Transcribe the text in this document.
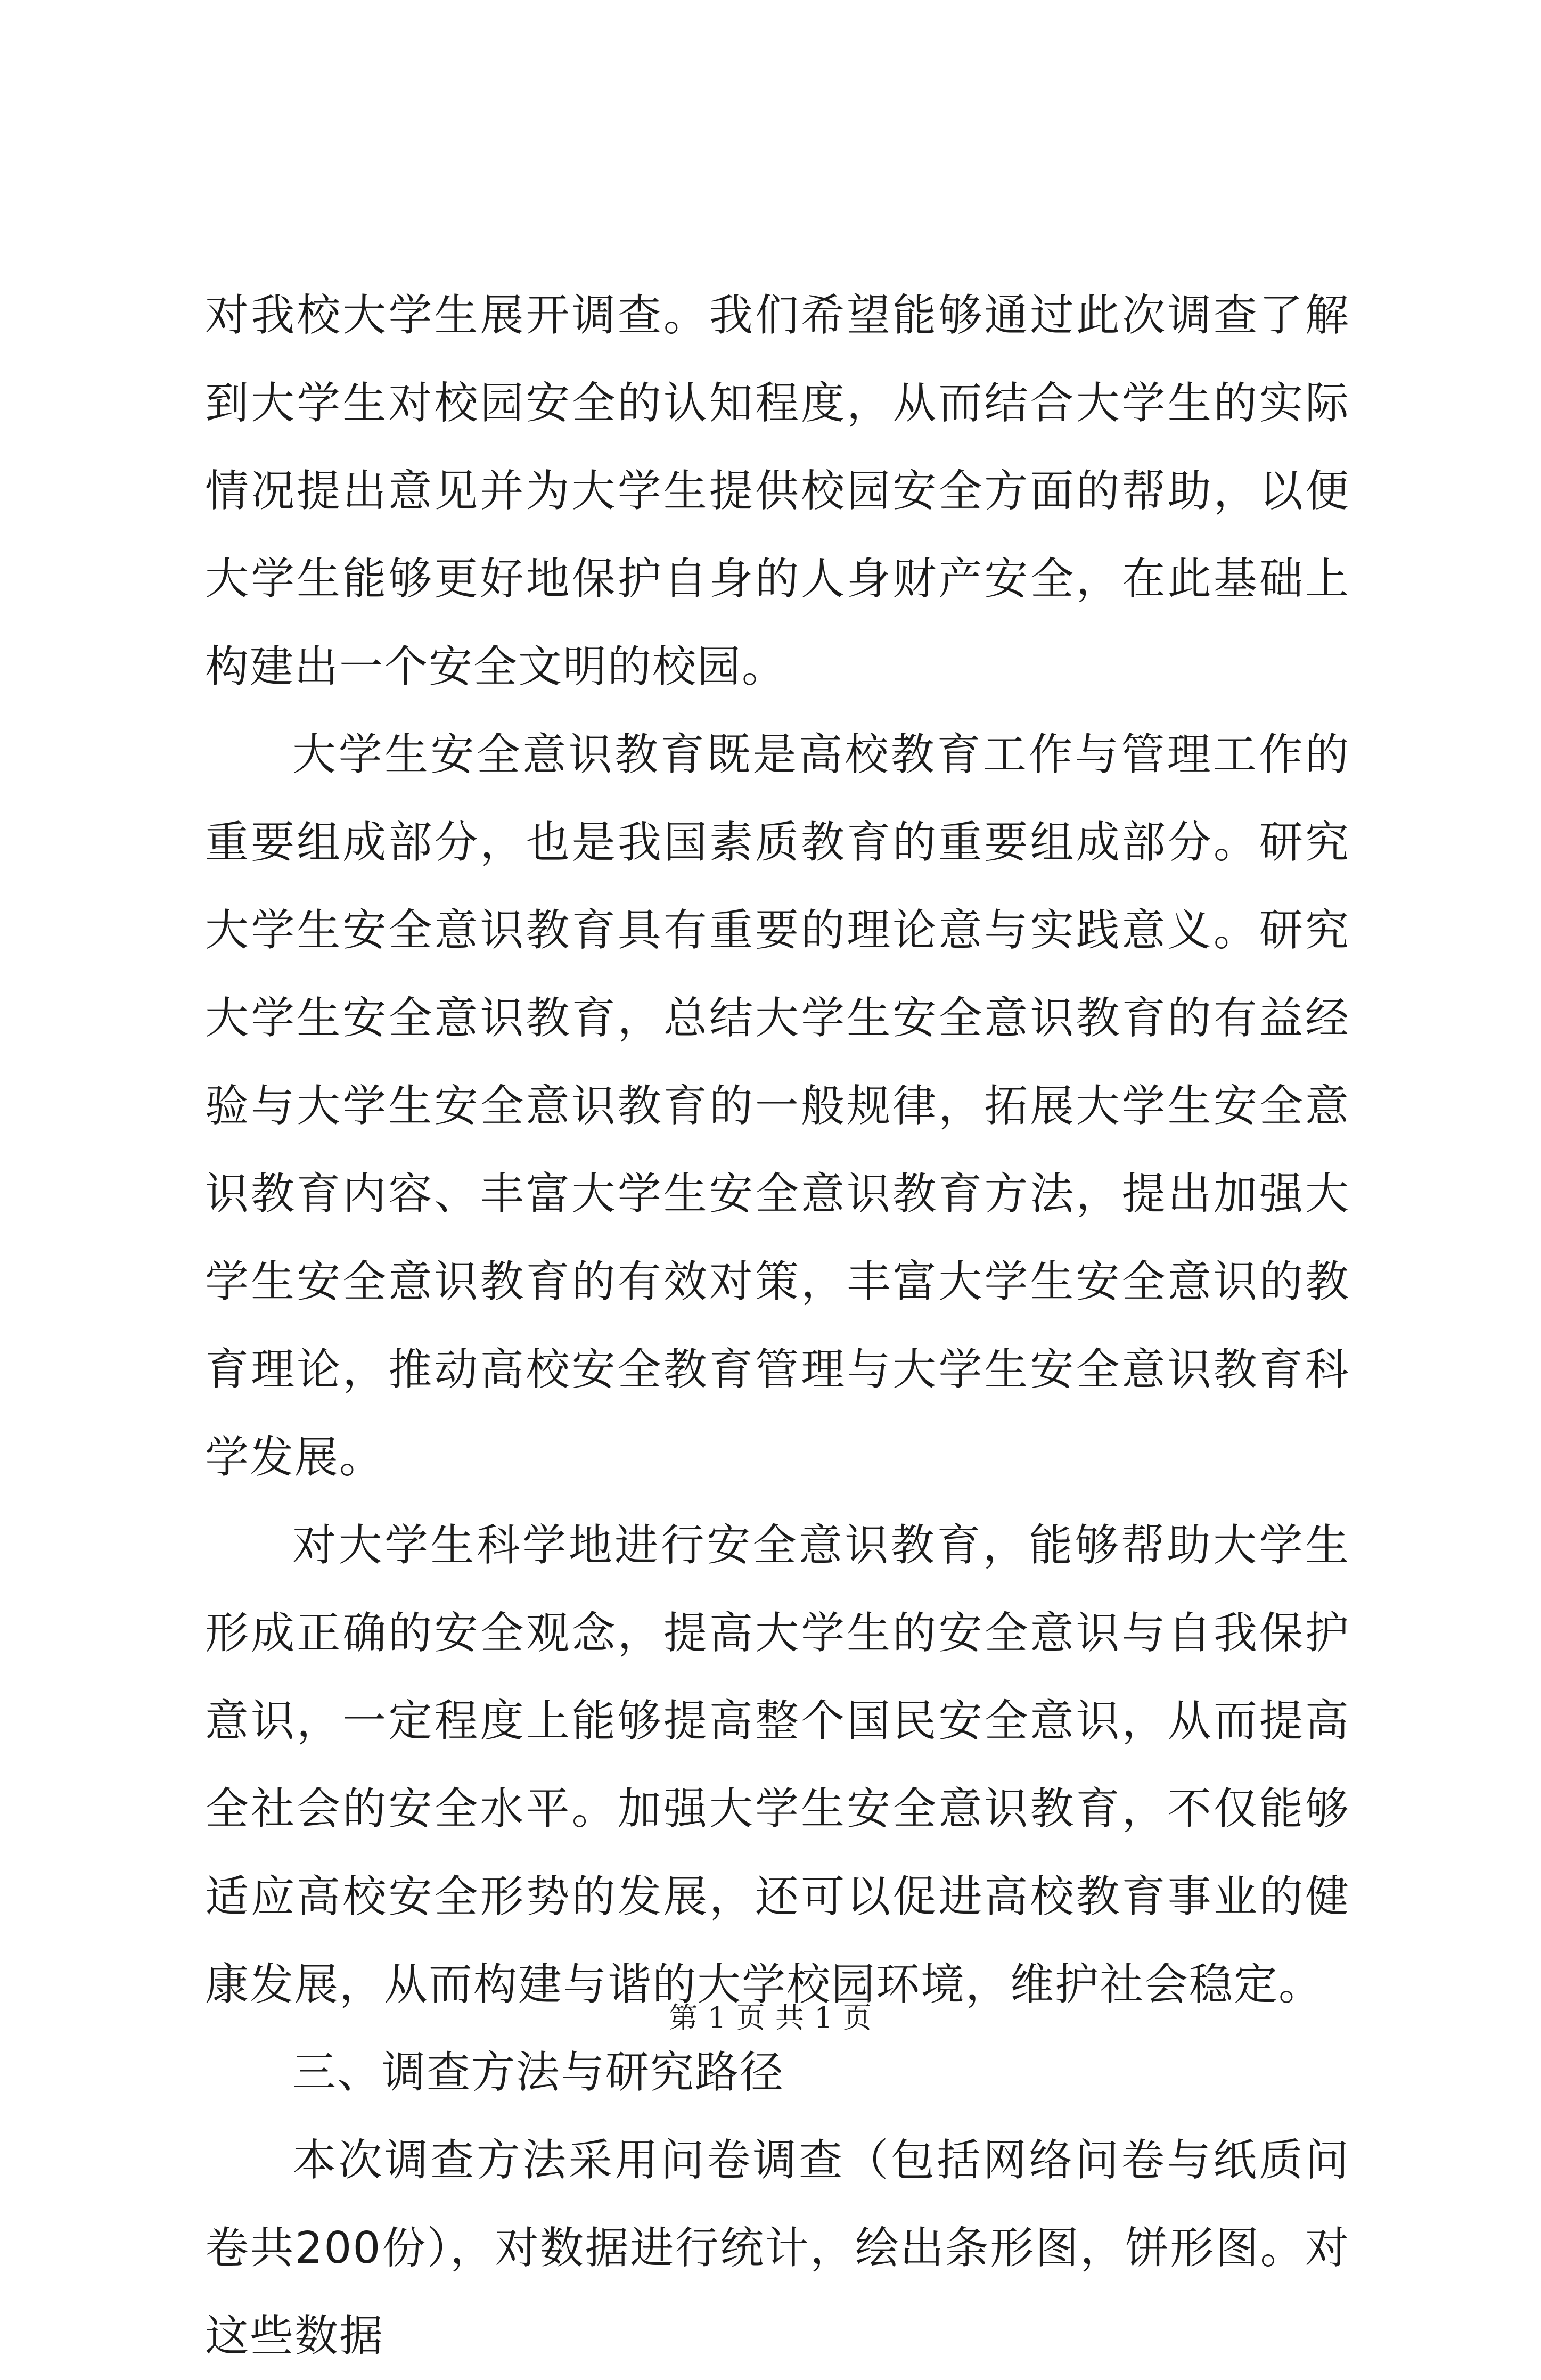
对我校大学生展开调查。我们希望能够通过此次调查了解到大学生对校园安全的认知程度，从而结合大学生的实际情况提出意见并为大学生提供校园安全方面的帮助，以便大学生能够更好地保护自身的人身财产安全，在此基础上构建出一个安全文明的校园。

大学生安全意识教育既是高校教育工作与管理工作的重要组成部分，也是我国素质教育的重要组成部分。研究大学生安全意识教育具有重要的理论意与实践意义。研究大学生安全意识教育，总结大学生安全意识教育的有益经验与大学生安全意识教育的一般规律，拓展大学生安全意识教育内容、丰富大学生安全意识教育方法，提出加强大学生安全意识教育的有效对策，丰富大学生安全意识的教育理论，推动高校安全教育管理与大学生安全意识教育科学发展。

对大学生科学地进行安全意识教育，能够帮助大学生形成正确的安全观念，提高大学生的安全意识与自我保护意识，一定程度上能够提高整个国民安全意识，从而提高全社会的安全水平。加强大学生安全意识教育，不仅能够适应高校安全形势的发展，还可以促进高校教育事业的健康发展，从而构建与谐的大学校园环境，维护社会稳定。

三、调查方法与研究路径

本次调查方法采用问卷调查（包括网络问卷与纸质问卷共200份），对数据进行统计，绘出条形图，饼形图。对这些数据

第 1 页 共 1 页
